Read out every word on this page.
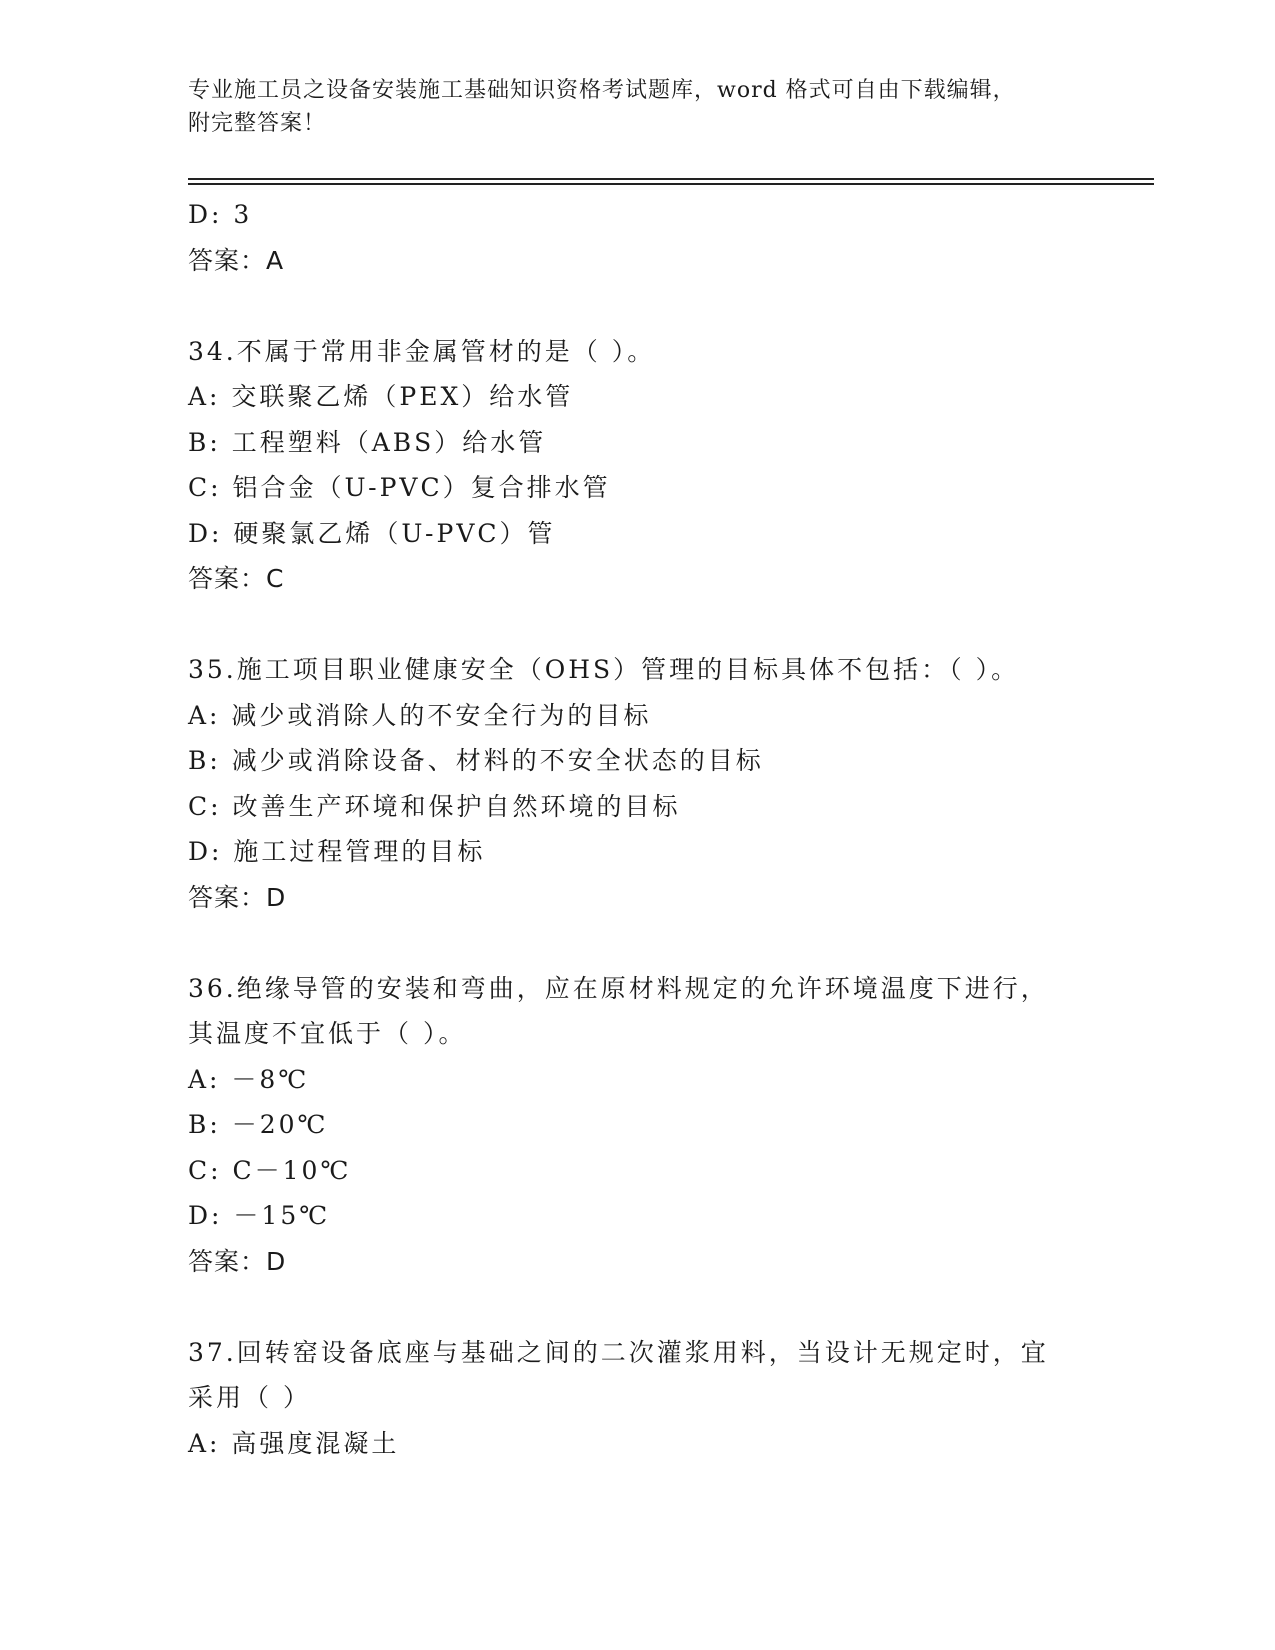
专业施工员之设备安装施工基础知识资格考试题库，word 格式可自由下载编辑，
附完整答案！
D: 3
答案：A
34.不属于常用非金属管材的是（ ）。
A: 交联聚乙烯（PEX）给水管
B: 工程塑料（ABS）给水管
C: 铝合金（U-PVC）复合排水管
D: 硬聚氯乙烯（U-PVC）管
答案：C
35.施工项目职业健康安全（OHS）管理的目标具体不包括：（ ）。
A: 减少或消除人的不安全行为的目标
B: 减少或消除设备、材料的不安全状态的目标
C: 改善生产环境和保护自然环境的目标
D: 施工过程管理的目标
答案：D
36.绝缘导管的安装和弯曲，应在原材料规定的允许环境温度下进行，
其温度不宜低于（ ）。
A: －8℃
B: －20℃
C: C－10℃
D: －15℃
答案：D
37.回转窑设备底座与基础之间的二次灌浆用料，当设计无规定时，宜
采用（ ）
A: 高强度混凝土
